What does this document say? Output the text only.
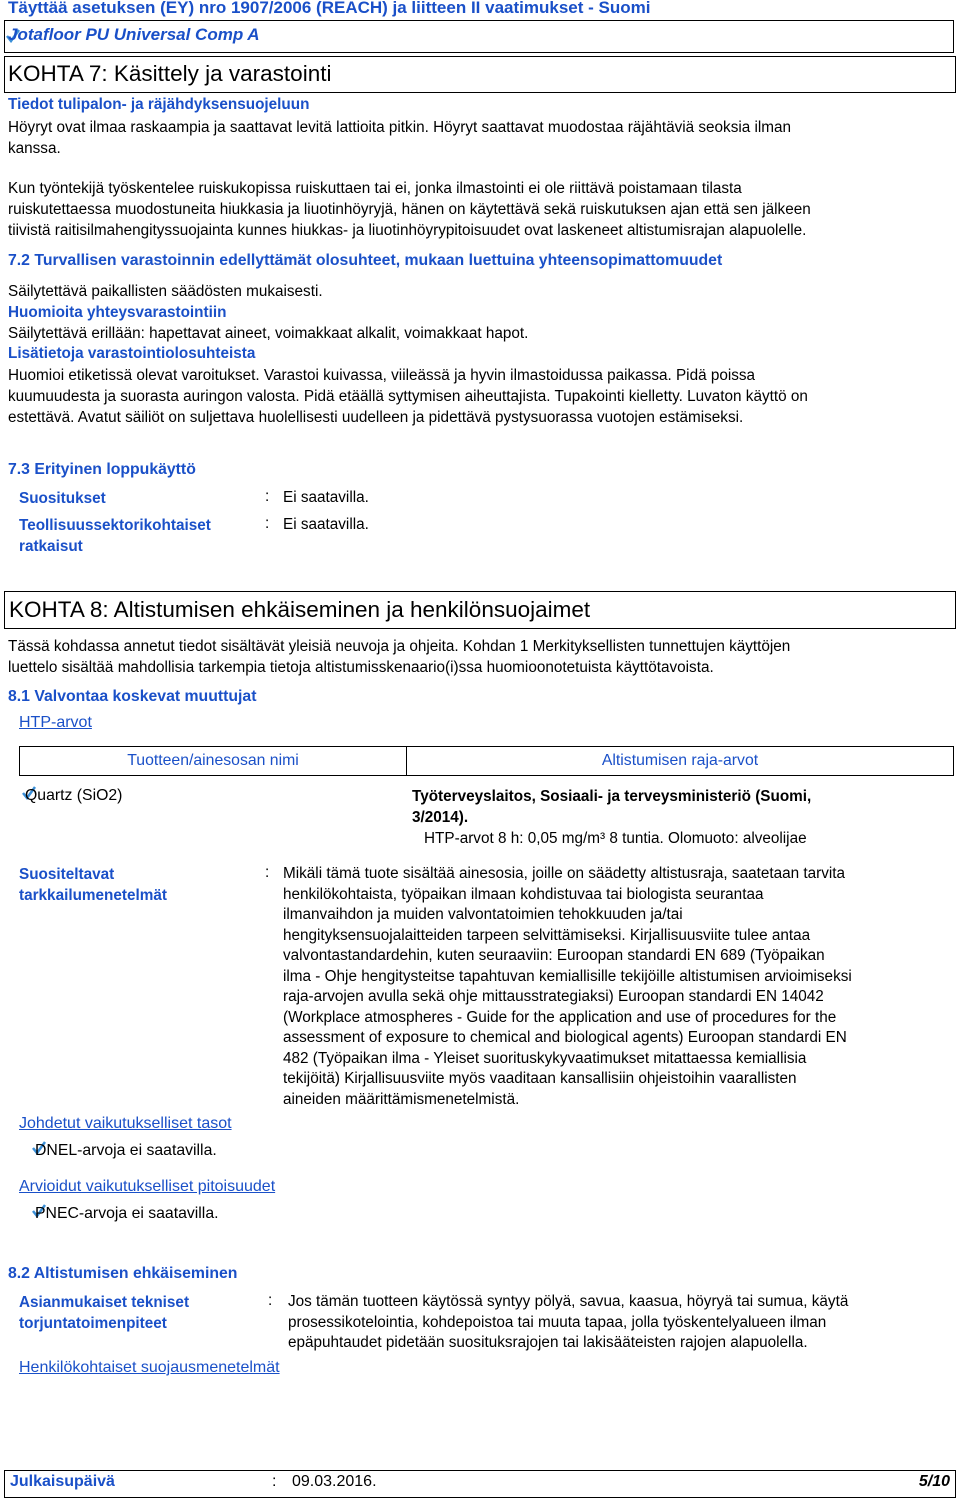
Täyttää asetuksen (EY) nro 1907/2006 (REACH) ja liitteen II vaatimukset - Suomi
Jotafloor PU Universal Comp A
KOHTA 7: Käsittely ja varastointi
Tiedot tulipalon- ja räjähdyksensuojeluun
Höyryt ovat ilmaa raskaampia ja saattavat levitä lattioita pitkin. Höyryt saattavat muodostaa räjähtäviä seoksia ilman
kanssa.
Kun työntekijä työskentelee ruiskukopissa ruiskuttaen tai ei, jonka ilmastointi ei ole riittävä poistamaan tilasta
ruiskutettaessa muodostuneita hiukkasia ja liuotinhöyryjä, hänen on käytettävä sekä ruiskutuksen ajan että sen jälkeen
tiivistä raitisilmahengityssuojainta kunnes hiukkas- ja liuotinhöyrypitoisuudet ovat laskeneet altistumisrajan alapuolelle.
7.2 Turvallisen varastoinnin edellyttämät olosuhteet, mukaan luettuina yhteensopimattomuudet
Säilytettävä paikallisten säädösten mukaisesti.
Huomioita yhteysvarastointiin
Säilytettävä erillään: hapettavat aineet, voimakkaat alkalit, voimakkaat hapot.
Lisätietoja varastointiolosuhteista
Huomioi etiketissä olevat varoitukset. Varastoi kuivassa, viileässä ja hyvin ilmastoidussa paikassa. Pidä poissa
kuumuudesta ja suorasta auringon valosta. Pidä etäällä syttymisen aiheuttajista. Tupakointi kielletty. Luvaton käyttö on
estettävä. Avatut säiliöt on suljettava huolellisesti uudelleen ja pidettävä pystysuorassa vuotojen estämiseksi.
7.3 Erityinen loppukäyttö
Suositukset	: Ei saatavilla.
Teollisuussektorikohtaiset
ratkaisut
: Ei saatavilla.
KOHTA 8: Altistumisen ehkäiseminen ja henkilönsuojaimet
Tässä kohdassa annetut tiedot sisältävät yleisiä neuvoja ja ohjeita. Kohdan 1 Merkityksellisten tunnettujen käyttöjen
luettelo sisältää mahdollisia tarkempia tietoja altistumisskenaario(i)ssa huomioonotetuista käyttötavoista.
8.1 Valvontaa koskevat muuttujat
HTP-arvot
Tuotteen/ainesosan nimi	Altistumisen raja-arvot
Quartz (SiO2)	Työterveyslaitos, Sosiaali- ja terveysministeriö (Suomi,
3/2014).
HTP-arvot 8 h: 0,05 mg/m³ 8 tuntia. Olomuoto: alveolijae
Suositeltavat
tarkkailumenetelmät
: Mikäli tämä tuote sisältää ainesosia, joille on säädetty altistusraja, saatetaan tarvita
henkilökohtaista, työpaikan ilmaan kohdistuvaa tai biologista seurantaa
ilmanvaihdon ja muiden valvontatoimien tehokkuuden ja/tai
hengityksensuojalaitteiden tarpeen selvittämiseksi. Kirjallisuusviite tulee antaa
valvontastandardehin, kuten seuraaviin: Euroopan standardi EN 689 (Työpaikan
ilma - Ohje hengitysteitse tapahtuvan kemiallisille tekijöille altistumisen arvioimiseksi
raja-arvojen avulla sekä ohje mittausstrategiaksi) Euroopan standardi EN 14042
(Workplace atmospheres - Guide for the application and use of procedures for the
assessment of exposure to chemical and biological agents) Euroopan standardi EN
482 (Työpaikan ilma - Yleiset suorituskykyvaatimukset mitattaessa kemiallisia
tekijöitä) Kirjallisuusviite myös vaaditaan kansallisiin ohjeistoihin vaarallisten
aineiden määrittämismenetelmistä.
Johdetut vaikutukselliset tasot
DNEL-arvoja ei saatavilla.
Arvioidut vaikutukselliset pitoisuudet
PNEC-arvoja ei saatavilla.
8.2 Altistumisen ehkäiseminen
Asianmukaiset tekniset
torjuntatoimenpiteet
: Jos tämän tuotteen käytössä syntyy pölyä, savua, kaasua, höyryä tai sumua, käytä
prosessikotelointia, kohdepoistoa tai muuta tapaa, jolla työskentelyalueen ilman
epäpuhtaudet pidetään suosituksrajojen tai lakisääteisten rajojen alapuolella.
Henkilökohtaiset suojausmenetelmät
Julkaisupäivä	: 09.03.2016.	5/10
